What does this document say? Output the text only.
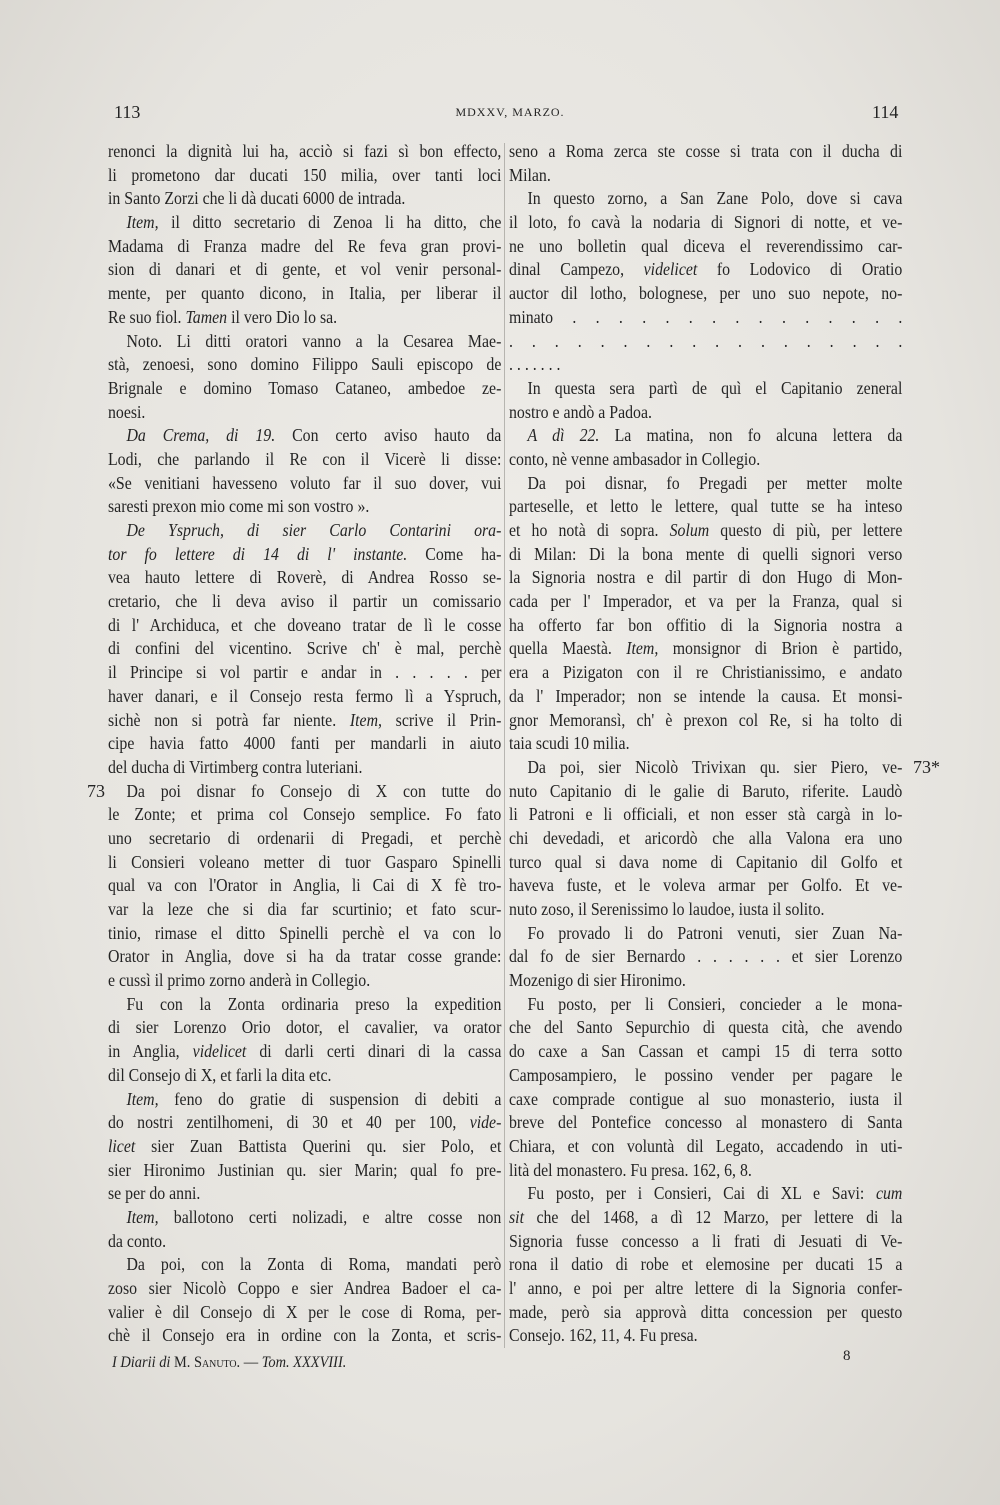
113	MDXXV, MARZO.	114
renonci la dignità lui ha, acciò si fazi sì bon effecto,
li prometono dar ducati 150 milia, over tanti loci
in Santo Zorzi che li dà ducati 6000 de intrada.
Item, il ditto secretario di Zenoa li ha ditto, che
Madama di Franza madre del Re feva gran provi-
sion di danari et di gente, et vol venir personal-
mente, per quanto dicono, in Italia, per liberar il
Re suo fiol. Tamen il vero Dio lo sa.
Noto. Li ditti oratori vanno a la Cesarea Mae-
stà, zenoesi, sono domino Filippo Sauli episcopo de
Brignale e domino Tomaso Cataneo, ambedoe ze-
noesi.
Da Crema, di 19. Con certo aviso hauto da
Lodi, che parlando il Re con il Vicerè li disse:
«Se venitiani havesseno voluto far il suo dover, vui
saresti prexon mio come mi son vostro ».
De Yspruch, di sier Carlo Contarini ora-
tor fo lettere di 14 di l' instante. Come ha-
vea hauto lettere di Roverè, di Andrea Rosso se-
cretario, che li deva aviso il partir un comissario
di l' Archiduca, et che doveano tratar de lì le cosse
di confini del vicentino. Scrive ch' è mal, perchè
il Principe si vol partir e andar in . . . . . per
haver danari, e il Consejo resta fermo lì a Yspruch,
sichè non si potrà far niente. Item, scrive il Prin-
cipe havia fatto 4000 fanti per mandarli in aiuto
del ducha di Virtimberg contra luteriani.
Da poi disnar fo Consejo di X con tutte do
le Zonte; et prima col Consejo semplice. Fo fato
uno secretario di ordenarii di Pregadi, et perchè
li Consieri voleano metter di tuor Gasparo Spinelli
qual va con l'Orator in Anglia, li Cai di X fè tro-
var la leze che si dia far scurtinio; et fato scur-
tinio, rimase el ditto Spinelli perchè el va con lo
Orator in Anglia, dove si ha da tratar cosse grande:
e cussì il primo zorno anderà in Collegio.
Fu con la Zonta ordinaria preso la expedition
di sier Lorenzo Orio dotor, el cavalier, va orator
in Anglia, videlicet di darli certi dinari di la cassa
dil Consejo di X, et farli la dita etc.
Item, feno do gratie di suspension di debiti a
do nostri zentilhomeni, di 30 et 40 per 100, vide-
licet sier Zuan Battista Querini qu. sier Polo, et
sier Hironimo Justinian qu. sier Marin; qual fo pre-
se per do anni.
Item, ballotono certi nolizadi, e altre cosse non
da conto.
Da poi, con la Zonta di Roma, mandati però
zoso sier Nicolò Coppo e sier Andrea Badoer el ca-
valier è dil Consejo di X per le cose di Roma, per-
chè il Consejo era in ordine con la Zonta, et scris-
seno a Roma zerca ste cosse si trata con il ducha di
Milan.
In questo zorno, a San Zane Polo, dove si cava
il loto, fo cavà la nodaria di Signori di notte, et ve-
ne uno bolletin qual diceva el reverendissimo car-
dinal Campezo, videlicet fo Lodovico di Oratio
auctor dil lotho, bolognese, per uno suo nepote, no-
minato . . . . . . . . . . . . . . .
. . . . . . . . . . . . . . . . . .
. . . . . . .
In questa sera partì de quì el Capitanio zeneral
nostro e andò a Padoa.
A dì 22. La matina, non fo alcuna lettera da
conto, nè venne ambasador in Collegio.
Da poi disnar, fo Pregadi per metter molte
parteselle, et letto le lettere, qual tutte se ha inteso
et ho notà di sopra. Solum questo di più, per lettere
di Milan: Di la bona mente di quelli signori verso
la Signoria nostra e dil partir di don Hugo di Mon-
cada per l' Imperador, et va per la Franza, qual si
ha offerto far bon offitio di la Signoria nostra a
quella Maestà. Item, monsignor di Brion è partido,
era a Pizigaton con il re Christianissimo, e andato
da l' Imperador; non se intende la causa. Et monsi-
gnor Memoransì, ch' è prexon col Re, si ha tolto di
taia scudi 10 milia.
Da poi, sier Nicolò Trivixan qu. sier Piero, ve-
nuto Capitanio di le galie di Baruto, riferite. Laudò
li Patroni e li officiali, et non esser stà cargà in lo-
chi devedadi, et aricordò che alla Valona era uno
turco qual si dava nome di Capitanio dil Golfo et
haveva fuste, et le voleva armar per Golfo. Et ve-
nuto zoso, il Serenissimo lo laudoe, iusta il solito.
Fo provado li do Patroni venuti, sier Zuan Na-
dal fo de sier Bernardo . . . . . . et sier Lorenzo
Mozenigo di sier Hironimo.
Fu posto, per li Consieri, concieder a le mona-
che del Santo Sepurchio di questa cità, che avendo
do caxe a San Cassan et campi 15 di terra sotto
Camposampiero, le possino vender per pagare le
caxe comprade contigue al suo monasterio, iusta il
breve del Pontefice concesso al monastero di Santa
Chiara, et con voluntà dil Legato, accadendo in uti-
lità del monastero. Fu presa. 162, 6, 8.
Fu posto, per i Consieri, Cai di XL e Savi: cum
sit che del 1468, a dì 12 Marzo, per lettere di la
Signoria fusse concesso a li frati di Jesuati di Ve-
rona il datio di robe et elemosine per ducati 15 a
l' anno, e poi per altre lettere di la Signoria confer-
made, però sia approvà ditta concession per questo
Consejo. 162, 11, 4. Fu presa.
73
73*
I Diarii di M. Sanuto. — Tom. XXXVIII.	8
